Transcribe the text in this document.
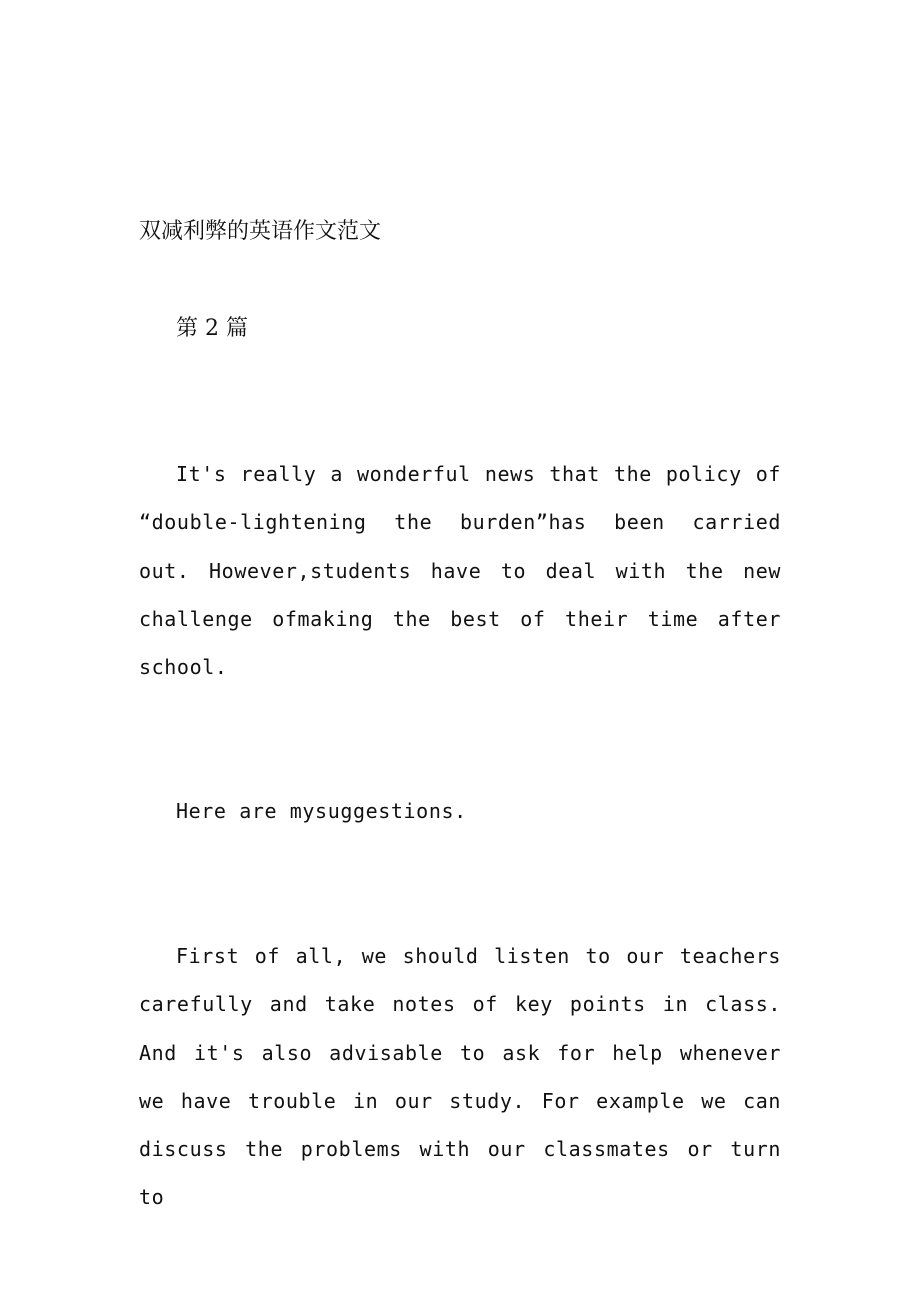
双减利弊的英语作文范文
第 2 篇

It's really a wonderful news that the policy of “double-lightening the burden”has been carried out. However,students have to deal with the new challenge ofmaking the best of their time after school.

Here are mysuggestions.

First of all, we should listen to our teachers carefully and take notes of key points in class. And it's also advisable to ask for help whenever we have trouble in our study. For example we can discuss the problems with our classmates or turn to
